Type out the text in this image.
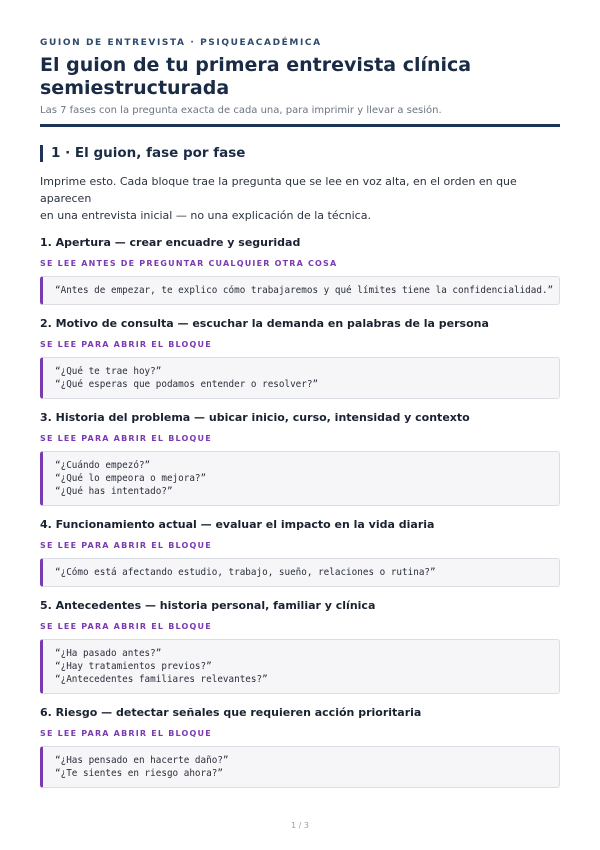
GUION DE ENTREVISTA · PSIQUEACADÉMICA
El guion de tu primera entrevista clínica
semiestructurada
Las 7 fases con la pregunta exacta de cada una, para imprimir y llevar a sesión.
1 · El guion, fase por fase
Imprime esto. Cada bloque trae la pregunta que se lee en voz alta, en el orden en que aparecen
en una entrevista inicial — no una explicación de la técnica.
1. Apertura — crear encuadre y seguridad
SE LEE ANTES DE PREGUNTAR CUALQUIER OTRA COSA
“Antes de empezar, te explico cómo trabajaremos y qué límites tiene la confidencialidad.”
2. Motivo de consulta — escuchar la demanda en palabras de la persona
SE LEE PARA ABRIR EL BLOQUE
“¿Qué te trae hoy?”
“¿Qué esperas que podamos entender o resolver?”
3. Historia del problema — ubicar inicio, curso, intensidad y contexto
SE LEE PARA ABRIR EL BLOQUE
“¿Cuándo empezó?”
“¿Qué lo empeora o mejora?”
“¿Qué has intentado?”
4. Funcionamiento actual — evaluar el impacto en la vida diaria
SE LEE PARA ABRIR EL BLOQUE
“¿Cómo está afectando estudio, trabajo, sueño, relaciones o rutina?”
5. Antecedentes — historia personal, familiar y clínica
SE LEE PARA ABRIR EL BLOQUE
“¿Ha pasado antes?”
“¿Hay tratamientos previos?”
“¿Antecedentes familiares relevantes?”
6. Riesgo — detectar señales que requieren acción prioritaria
SE LEE PARA ABRIR EL BLOQUE
“¿Has pensado en hacerte daño?”
“¿Te sientes en riesgo ahora?”
1 / 3
